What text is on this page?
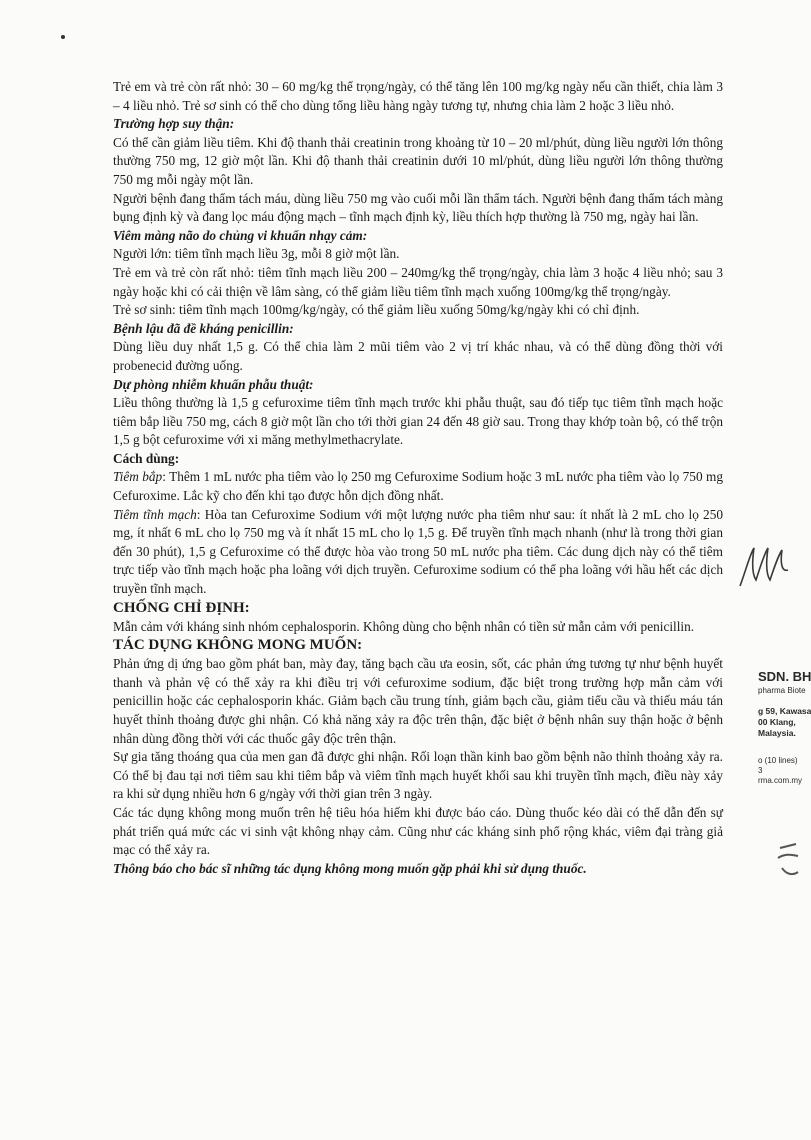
Trẻ em và trẻ còn rất nhỏ: 30 – 60 mg/kg thể trọng/ngày, có thể tăng lên 100 mg/kg ngày nếu cần thiết, chia làm 3 – 4 liều nhỏ. Trẻ sơ sinh có thể cho dùng tổng liều hàng ngày tương tự, nhưng chia làm 2 hoặc 3 liều nhỏ.

Trường hợp suy thận:

Có thể cần giảm liều tiêm. Khi độ thanh thải creatinin trong khoảng từ 10 – 20 ml/phút, dùng liều người lớn thông thường 750 mg, 12 giờ một lần. Khi độ thanh thải creatinin dưới 10 ml/phút, dùng liều người lớn thông thường 750 mg mỗi ngày một lần.

Người bệnh đang thẩm tách máu, dùng liều 750 mg vào cuối mỗi lần thẩm tách. Người bệnh đang thẩm tách màng bụng định kỳ và đang lọc máu động mạch – tĩnh mạch định kỳ, liều thích hợp thường là 750 mg, ngày hai lần.

Viêm màng não do chủng vi khuẩn nhạy cảm:

Người lớn: tiêm tĩnh mạch liều 3g, mỗi 8 giờ một lần.

Trẻ em và trẻ còn rất nhỏ: tiêm tĩnh mạch liều 200 – 240mg/kg thể trọng/ngày, chia làm 3 hoặc 4 liều nhỏ; sau 3 ngày hoặc khi có cải thiện về lâm sàng, có thể giảm liều tiêm tĩnh mạch xuống 100mg/kg thể trọng/ngày.

Trẻ sơ sinh: tiêm tĩnh mạch 100mg/kg/ngày, có thể giảm liều xuống 50mg/kg/ngày khi có chỉ định.

Bệnh lậu đã đề kháng penicillin:

Dùng liều duy nhất 1,5 g. Có thể chia làm 2 mũi tiêm vào 2 vị trí khác nhau, và có thể dùng đồng thời với probenecid đường uống.

Dự phòng nhiễm khuẩn phẫu thuật:

Liều thông thường là 1,5 g cefuroxime tiêm tĩnh mạch trước khi phẫu thuật, sau đó tiếp tục tiêm tĩnh mạch hoặc tiêm bắp liều 750 mg, cách 8 giờ một lần cho tới thời gian 24 đến 48 giờ sau. Trong thay khớp toàn bộ, có thể trộn 1,5 g bột cefuroxime với xi măng methylmethacrylate.

Cách dùng:

Tiêm bắp: Thêm 1 mL nước pha tiêm vào lọ 250 mg Cefuroxime Sodium hoặc 3 mL nước pha tiêm vào lọ 750 mg Cefuroxime. Lắc kỹ cho đến khi tạo được hỗn dịch đồng nhất.

Tiêm tĩnh mạch: Hòa tan Cefuroxime Sodium với một lượng nước pha tiêm như sau: ít nhất là 2 mL cho lọ 250 mg, ít nhất 6 mL cho lọ 750 mg và ít nhất 15 mL cho lọ 1,5 g. Để truyền tĩnh mạch nhanh (như là trong thời gian đến 30 phút), 1,5 g Cefuroxime có thể được hòa vào trong 50 mL nước pha tiêm. Các dung dịch này có thể tiêm trực tiếp vào tĩnh mạch hoặc pha loãng với dịch truyền. Cefuroxime sodium có thể pha loãng với hầu hết các dịch truyền tĩnh mạch.

CHỐNG CHỈ ĐỊNH:

Mẫn cảm với kháng sinh nhóm cephalosporin. Không dùng cho bệnh nhân có tiền sử mẫn cảm với penicillin.

TÁC DỤNG KHÔNG MONG MUỐN:

Phản ứng dị ứng bao gồm phát ban, mày đay, tăng bạch cầu ưa eosin, sốt, các phản ứng tương tự như bệnh huyết thanh và phản vệ có thể xảy ra khi điều trị với cefuroxime sodium, đặc biệt trong trường hợp mẫn cảm với penicillin hoặc các cephalosporin khác. Giảm bạch cầu trung tính, giảm bạch cầu, giảm tiểu cầu và thiếu máu tán huyết thỉnh thoảng được ghi nhận. Có khả năng xảy ra độc trên thận, đặc biệt ở bệnh nhân suy thận hoặc ở bệnh nhân dùng đồng thời với các thuốc gây độc trên thận.

Sự gia tăng thoáng qua của men gan đã được ghi nhận. Rối loạn thần kinh bao gồm bệnh não thỉnh thoảng xảy ra. Có thể bị đau tại nơi tiêm sau khi tiêm bắp và viêm tĩnh mạch huyết khối sau khi truyền tĩnh mạch, điều này xảy ra khi sử dụng nhiều hơn 6 g/ngày với thời gian trên 3 ngày.

Các tác dụng không mong muốn trên hệ tiêu hóa hiếm khi được báo cáo. Dùng thuốc kéo dài có thể dẫn đến sự phát triển quá mức các vi sinh vật không nhạy cảm. Cũng như các kháng sinh phổ rộng khác, viêm đại tràng giả mạc có thể xảy ra.

Thông báo cho bác sĩ những tác dụng không mong muốn gặp phải khi sử dụng thuốc.

SDN. BH
pharma Biote
g 59, Kawasa
00 Klang,
Malaysia.
o (10 lines)
3
rma.com.my
